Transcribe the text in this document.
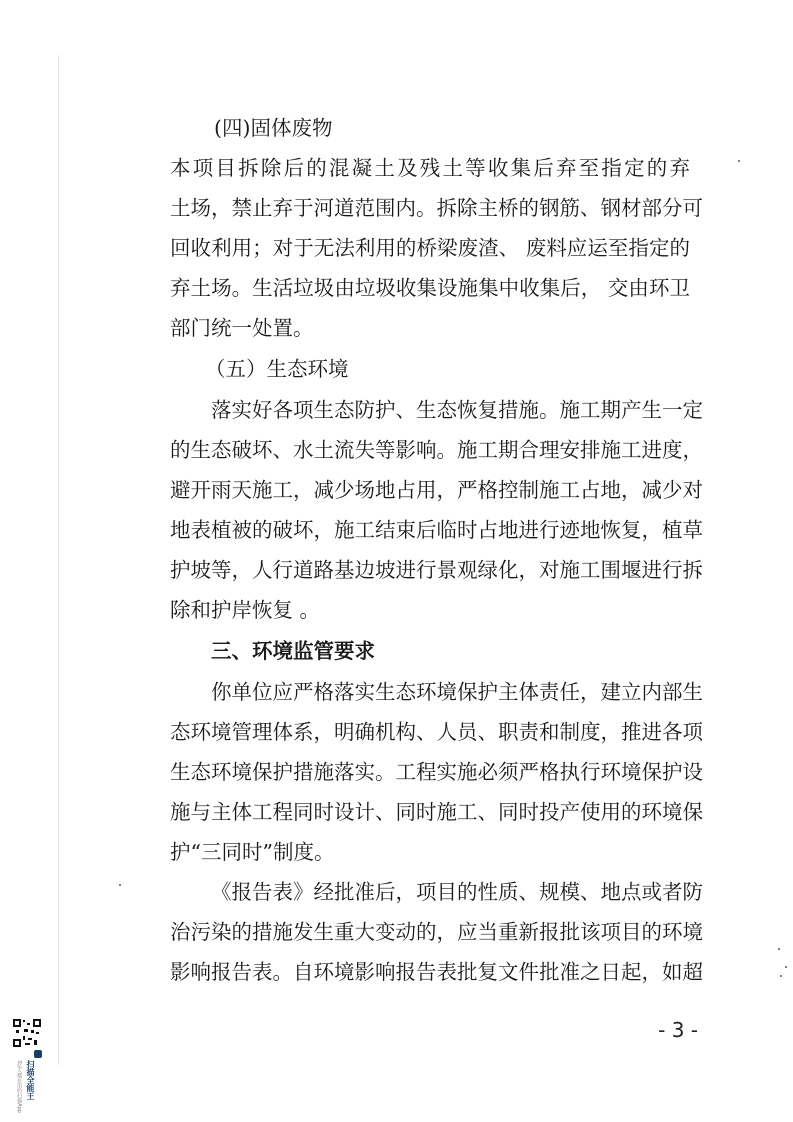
(四)固体废物
本项目拆除后的混凝土及残土等收集后弃至指定的弃
土场，禁止弃于河道范围内。拆除主桥的钢筋、钢材部分可
回收利用；对于无法利用的桥梁废渣、 废料应运至指定的
弃土场。生活垃圾由垃圾收集设施集中收集后， 交由环卫
部门统一处置。
（五）生态环境
落实好各项生态防护、生态恢复措施。施工期产生一定
的生态破坏、水土流失等影响。施工期合理安排施工进度，
避开雨天施工，减少场地占用，严格控制施工占地，减少对
地表植被的破坏，施工结束后临时占地进行迹地恢复，植草
护坡等，人行道路基边坡进行景观绿化，对施工围堰进行拆
除和护岸恢复 。
三、环境监管要求
你单位应严格落实生态环境保护主体责任，建立内部生
态环境管理体系，明确机构、人员、职责和制度，推进各项
生态环境保护措施落实。工程实施必须严格执行环境保护设
施与主体工程同时设计、同时施工、同时投产使用的环境保
护“三同时”制度。
《报告表》经批准后，项目的性质、规模、地点或者防
治污染的措施发生重大变动的，应当重新报批该项目的环境
影响报告表。自环境影响报告表批复文件批准之日起，如超
- 3 -
扫描全能王
3亿人都在用的扫描App
